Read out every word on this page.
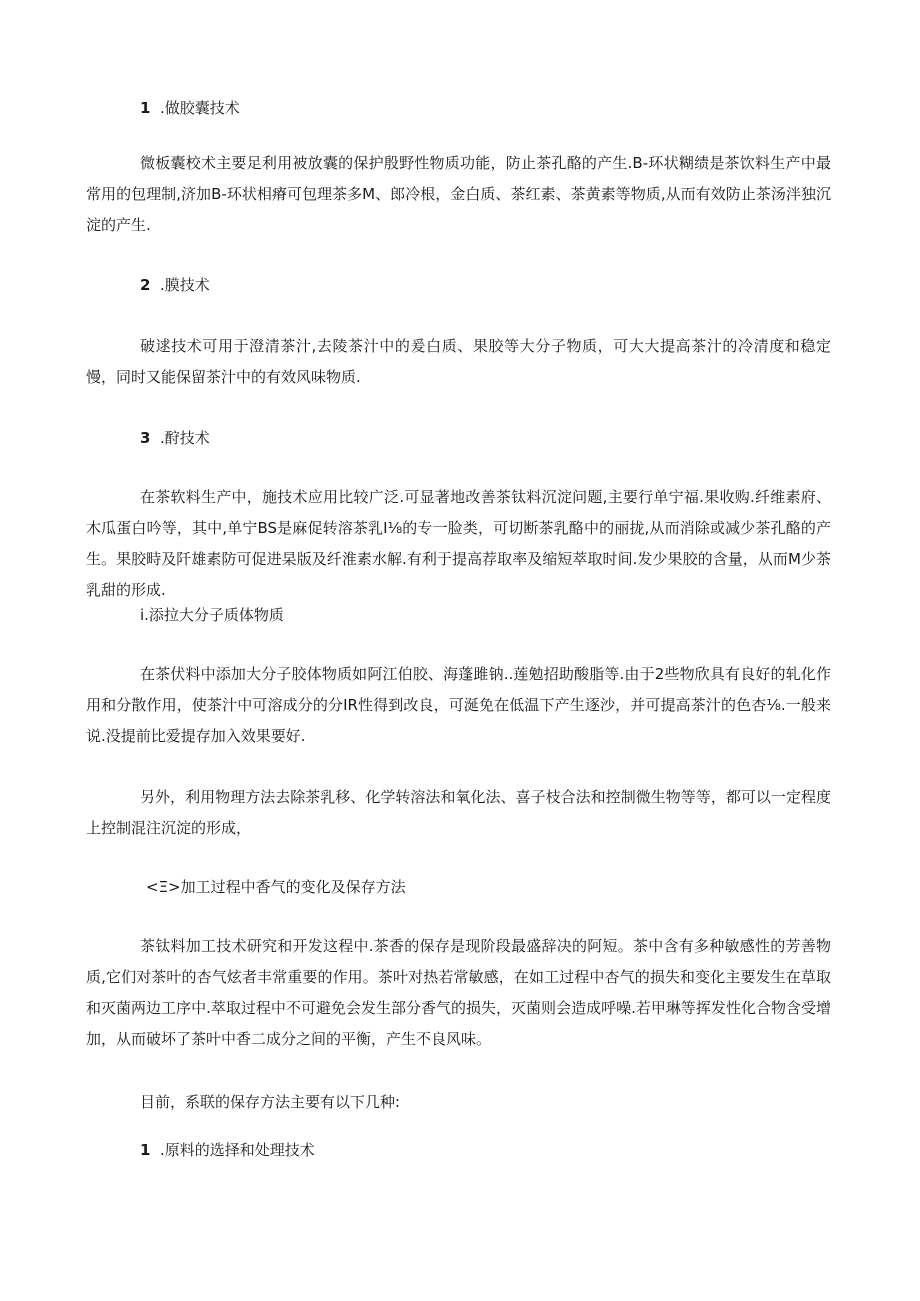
1 .做胶囊技术

微板囊校术主要足利用被放囊的保护殷野性物质功能，防止茶孔酪的产生.B-环状糊绩是茶饮料生产中最常用的包理制,济加B-环状相瘠可包理茶多M、郎冷根，金白质、茶红素、茶黄素等物质,从而有效防止茶汤泮独沉淀的产生.

2 .膜技术

破逑技术可用于澄清茶汁,去陵茶汁中的爰白质、果胶等大分子物质，可大大提高茶汁的冷清度和稳定慢，同时又能保留茶汁中的有效风味物质.

3 .酧技术

在茶软料生产中，施技术应用比较广泛.可显著地改善茶钛料沉淀问题,主要行单宁福.果收购.纤维素府、木瓜蛋白吟等，其中,单宁BS是麻促转溶茶乳I⅛的专一脸类，可切断茶乳酪中的丽拢,从而消除或减少茶孔酪的产生。果胶畤及阡雄素防可促进杲版及纤淮素水解.有利于提高荐取率及缩短萃取时间.发少果胶的含量，从而M少茶乳甜的形成.

i.添拉大分子质体物质

在茶伏料中添加大分子胶体物质如阿江伯胶、海蓬雎钠..莲勉招助酸脂等.由于2些物欣具有良好的轧化作用和分散作用，使茶汁中可溶成分的分IR性得到改良，可涎免在低温下产生逐沙，并可提高茶汁的色杏⅛.一般来说.没提前比爱提存加入效果要好.

另外，利用物理方法去除茶乳移、化学转溶法和氧化法、喜子枝合法和控制微生物等等，都可以一定程度上控制混注沉淀的形成，

<Ξ>加工过程中香气的变化及保存方法

茶钛料加工技术研究和开发这程中.茶香的保存是现阶段最盛辞决的阿短。茶中含有多种敏感性的芳善物质,它们对茶叶的杏气炫者丰常重要的作用。茶叶对热若常敏感，在如工过程中杏气的损失和变化主要发生在草取和灭菌两边工序中.萃取过程中不可避免会发生部分香气的损失，灭菌则会造成呼噪.若甲琳等挥发性化合物含受增加，从而破坏了茶叶中香二成分之间的平衡，产生不良风味。

目前，系联的保存方法主要有以下几种:

1 .原料的选择和处理技术
